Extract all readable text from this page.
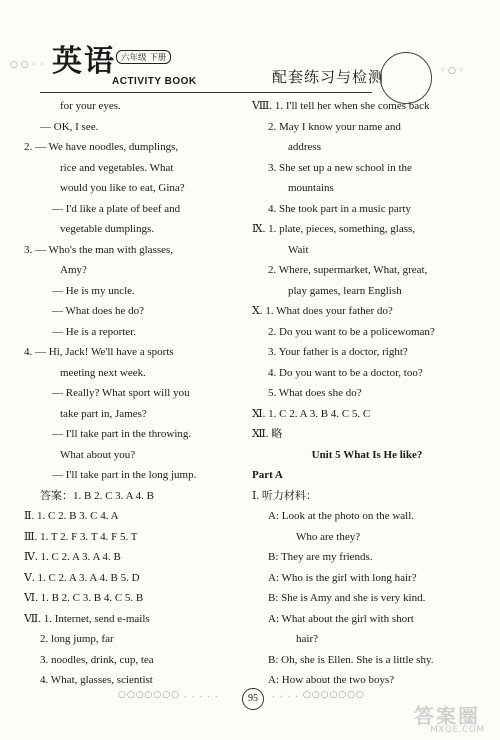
○ ○ ◦ ◦ 英语 六年级 下册
ACTIVITY BOOK	配套练习与检测	◦ ○ ◦
for your eyes.
— OK, I see.
2. — We have noodles, dumplings,
rice and vegetables. What
would you like to eat, Gina?
— I'd like a plate of beef and
vegetable dumplings.
3. — Who's the man with glasses,
Amy?
— He is my uncle.
— What does he do?
— He is a reporter.
4. — Hi, Jack! We'll have a sports
meeting next week.
— Really? What sport will you
take part in, James?
— I'll take part in the throwing.
What about you?
— I'll take part in the long jump.
答案：1. B 2. C 3. A 4. B
Ⅱ. 1. C 2. B 3. C 4. A
Ⅲ. 1. T 2. F 3. T 4. F 5. T
Ⅳ. 1. C 2. A 3. A 4. B
Ⅴ. 1. C 2. A 3. A 4. B 5. D
Ⅵ. 1. B 2. C 3. B 4. C 5. B
Ⅶ. 1. Internet, send e-mails
2. long jump, far
3. noodles, drink, cup, tea
4. What, glasses, scientist
Ⅷ. 1. I'll tell her when she comes back
2. May I know your name and
address
3. She set up a new school in the
mountains
4. She took part in a music party
Ⅸ. 1. plate, pieces, something, glass,
Wait
2. Where, supermarket, What, great,
play games, learn English
Ⅹ. 1. What does your father do?
2. Do you want to be a policewoman?
3. Your father is a doctor, right?
4. Do you want to be a doctor, too?
5. What does she do?
Ⅺ. 1. C 2. A 3. B 4. C 5. C
Ⅻ. 略
Unit 5 What Is He like?
Part A
Ⅰ. 听力材料：
A: Look at the photo on the wall.
Who are they?
B: They are my friends.
A: Who is the girl with long hair?
B: She is Amy and she is very kind.
A: What about the girl with short
hair?
B: Oh, she is Ellen. She is a little shy.
A: How about the two boys?
○○○○○○○ . . . . .	95	. . . . ○○○○○○○
答案圈
MXQE.COM
